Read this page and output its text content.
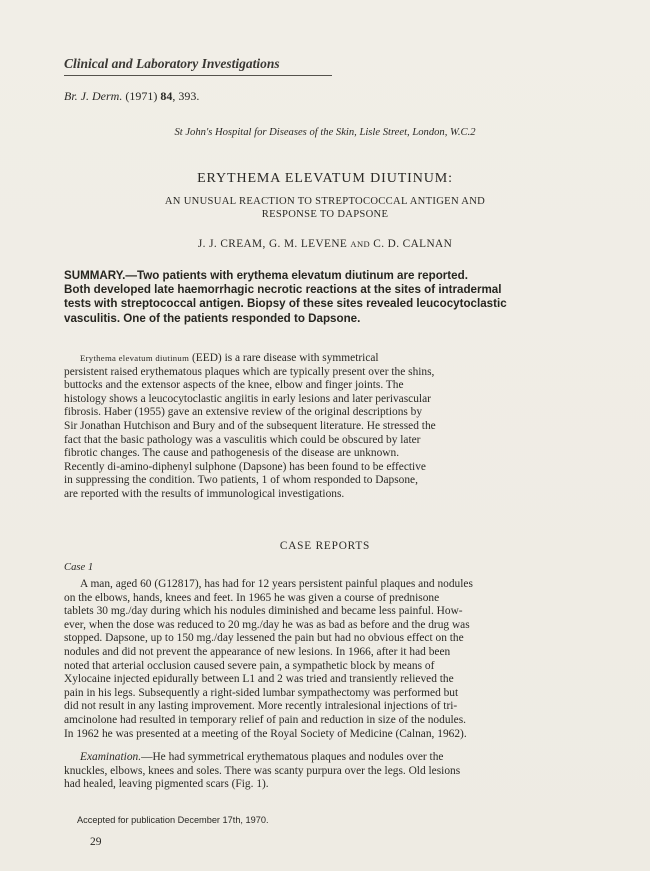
Clinical and Laboratory Investigations
Br. J. Derm. (1971) 84, 393.
St John's Hospital for Diseases of the Skin, Lisle Street, London, W.C.2
ERYTHEMA ELEVATUM DIUTINUM:
AN UNUSUAL REACTION TO STREPTOCOCCAL ANTIGEN AND
RESPONSE TO DAPSONE
J. J. CREAM, G. M. LEVENE AND C. D. CALNAN

SUMMARY.—Two patients with erythema elevatum diutinum are reported.

Both developed late haemorrhagic necrotic reactions at the sites of intradermal

tests with streptococcal antigen. Biopsy of these sites revealed leucocytoclastic

vasculitis. One of the patients responded to Dapsone.

Erythema elevatum diutinum (EED) is a rare disease with symmetrical

persistent raised erythematous plaques which are typically present over the shins,

buttocks and the extensor aspects of the knee, elbow and finger joints. The

histology shows a leucocytoclastic angiitis in early lesions and later perivascular

fibrosis. Haber (1955) gave an extensive review of the original descriptions by

Sir Jonathan Hutchison and Bury and of the subsequent literature. He stressed the

fact that the basic pathology was a vasculitis which could be obscured by later

fibrotic changes. The cause and pathogenesis of the disease are unknown.

Recently di-amino-diphenyl sulphone (Dapsone) has been found to be effective

in suppressing the condition. Two patients, 1 of whom responded to Dapsone,

are reported with the results of immunological investigations.

CASE REPORTS
Case 1

A man, aged 60 (G12817), has had for 12 years persistent painful plaques and nodules

on the elbows, hands, knees and feet. In 1965 he was given a course of prednisone

tablets 30 mg./day during which his nodules diminished and became less painful. How-

ever, when the dose was reduced to 20 mg./day he was as bad as before and the drug was

stopped. Dapsone, up to 150 mg./day lessened the pain but had no obvious effect on the

nodules and did not prevent the appearance of new lesions. In 1966, after it had been

noted that arterial occlusion caused severe pain, a sympathetic block by means of

Xylocaine injected epidurally between L1 and 2 was tried and transiently relieved the

pain in his legs. Subsequently a right-sided lumbar sympathectomy was performed but

did not result in any lasting improvement. More recently intralesional injections of tri-

amcinolone had resulted in temporary relief of pain and reduction in size of the nodules.

In 1962 he was presented at a meeting of the Royal Society of Medicine (Calnan, 1962).

Examination.—He had symmetrical erythematous plaques and nodules over the

knuckles, elbows, knees and soles. There was scanty purpura over the legs. Old lesions

had healed, leaving pigmented scars (Fig. 1).

Accepted for publication December 17th, 1970.
29
